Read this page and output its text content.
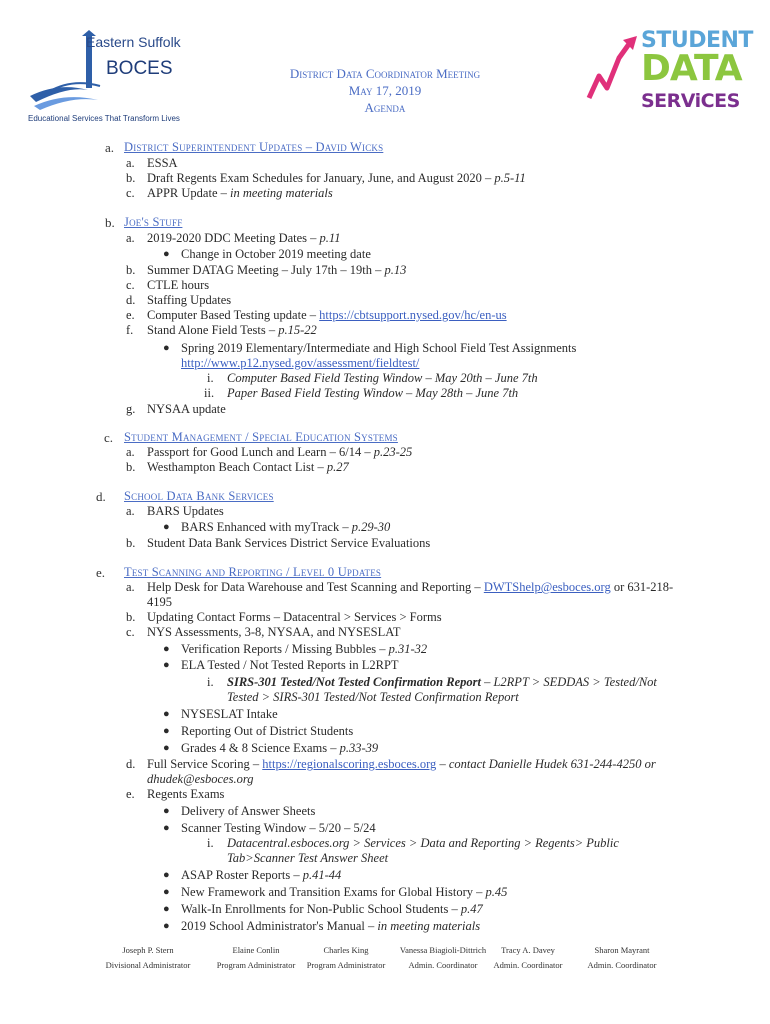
Eastern Suffolk
BOCES
Educational Services That Transform Lives
District Data Coordinator Meeting
May 17, 2019
Agenda
STUDENT
DATA
SERViCES
a. District Superintendent Updates – David Wicks
a. ESSA
b. Draft Regents Exam Schedules for January, June, and August 2020 – p.5-11
c. APPR Update – in meeting materials
b. Joe's Stuff
a. 2019-2020 DDC Meeting Dates – p.11
● Change in October 2019 meeting date
b. Summer DATAG Meeting – July 17th – 19th – p.13
c. CTLE hours
d. Staffing Updates
e. Computer Based Testing update – https://cbtsupport.nysed.gov/hc/en-us
f. Stand Alone Field Tests – p.15-22
● Spring 2019 Elementary/Intermediate and High School Field Test Assignments
http://www.p12.nysed.gov/assessment/fieldtest/
i. Computer Based Field Testing Window – May 20th – June 7th
ii. Paper Based Field Testing Window – May 28th – June 7th
g. NYSAA update
c. Student Management / Special Education Systems
a. Passport for Good Lunch and Learn – 6/14 – p.23-25
b. Westhampton Beach Contact List – p.27
d. School Data Bank Services
a. BARS Updates
● BARS Enhanced with myTrack – p.29-30
b. Student Data Bank Services District Service Evaluations
e. Test Scanning and Reporting / Level 0 Updates
a. Help Desk for Data Warehouse and Test Scanning and Reporting – DWTShelp@esboces.org or 631-218-
4195
b. Updating Contact Forms – Datacentral > Services > Forms
c. NYS Assessments, 3-8, NYSAA, and NYSESLAT
● Verification Reports / Missing Bubbles – p.31-32
● ELA Tested / Not Tested Reports in L2RPT
i. SIRS-301 Tested/Not Tested Confirmation Report – L2RPT > SEDDAS > Tested/Not
Tested > SIRS-301 Tested/Not Tested Confirmation Report
● NYSESLAT Intake
● Reporting Out of District Students
● Grades 4 & 8 Science Exams – p.33-39
d. Full Service Scoring – https://regionalscoring.esboces.org – contact Danielle Hudek 631-244-4250 or
dhudek@esboces.org
e. Regents Exams
● Delivery of Answer Sheets
● Scanner Testing Window – 5/20 – 5/24
i. Datacentral.esboces.org > Services > Data and Reporting > Regents> Public
Tab>Scanner Test Answer Sheet
● ASAP Roster Reports – p.41-44
● New Framework and Transition Exams for Global History – p.45
● Walk-In Enrollments for Non-Public School Students – p.47
● 2019 School Administrator's Manual – in meeting materials
Joseph P. Stern
Divisional Administrator
Elaine Conlin
Program Administrator
Charles King
Program Administrator
Vanessa Biagioli-Dittrich
Admin. Coordinator
Tracy A. Davey
Admin. Coordinator
Sharon Mayrant
Admin. Coordinator
